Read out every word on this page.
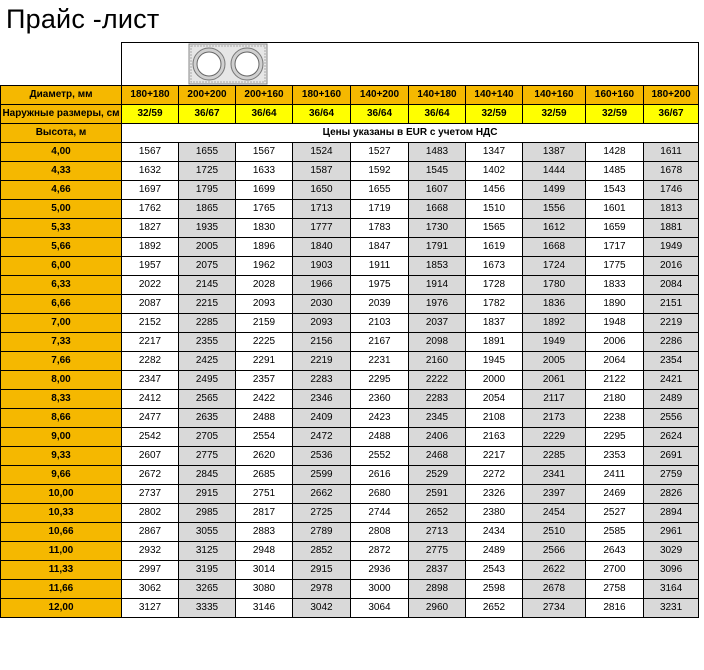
Прайс -лист

Диаметр, мм	180+180	200+200	200+160	180+160	140+200	140+180	140+140	140+160	160+160	180+200
Наружные размеры, см	32/59	36/67	36/64	36/64	36/64	36/64	32/59	32/59	32/59	36/67
Высота, м	Цены указаны в EUR с учетом НДС									
4,00	1567	1655	1567	1524	1527	1483	1347	1387	1428	1611
4,33	1632	1725	1633	1587	1592	1545	1402	1444	1485	1678
4,66	1697	1795	1699	1650	1655	1607	1456	1499	1543	1746
5,00	1762	1865	1765	1713	1719	1668	1510	1556	1601	1813
5,33	1827	1935	1830	1777	1783	1730	1565	1612	1659	1881
5,66	1892	2005	1896	1840	1847	1791	1619	1668	1717	1949
6,00	1957	2075	1962	1903	1911	1853	1673	1724	1775	2016
6,33	2022	2145	2028	1966	1975	1914	1728	1780	1833	2084
6,66	2087	2215	2093	2030	2039	1976	1782	1836	1890	2151
7,00	2152	2285	2159	2093	2103	2037	1837	1892	1948	2219
7,33	2217	2355	2225	2156	2167	2098	1891	1949	2006	2286
7,66	2282	2425	2291	2219	2231	2160	1945	2005	2064	2354
8,00	2347	2495	2357	2283	2295	2222	2000	2061	2122	2421
8,33	2412	2565	2422	2346	2360	2283	2054	2117	2180	2489
8,66	2477	2635	2488	2409	2423	2345	2108	2173	2238	2556
9,00	2542	2705	2554	2472	2488	2406	2163	2229	2295	2624
9,33	2607	2775	2620	2536	2552	2468	2217	2285	2353	2691
9,66	2672	2845	2685	2599	2616	2529	2272	2341	2411	2759
10,00	2737	2915	2751	2662	2680	2591	2326	2397	2469	2826
10,33	2802	2985	2817	2725	2744	2652	2380	2454	2527	2894
10,66	2867	3055	2883	2789	2808	2713	2434	2510	2585	2961
11,00	2932	3125	2948	2852	2872	2775	2489	2566	2643	3029
11,33	2997	3195	3014	2915	2936	2837	2543	2622	2700	3096
11,66	3062	3265	3080	2978	3000	2898	2598	2678	2758	3164
12,00	3127	3335	3146	3042	3064	2960	2652	2734	2816	3231
